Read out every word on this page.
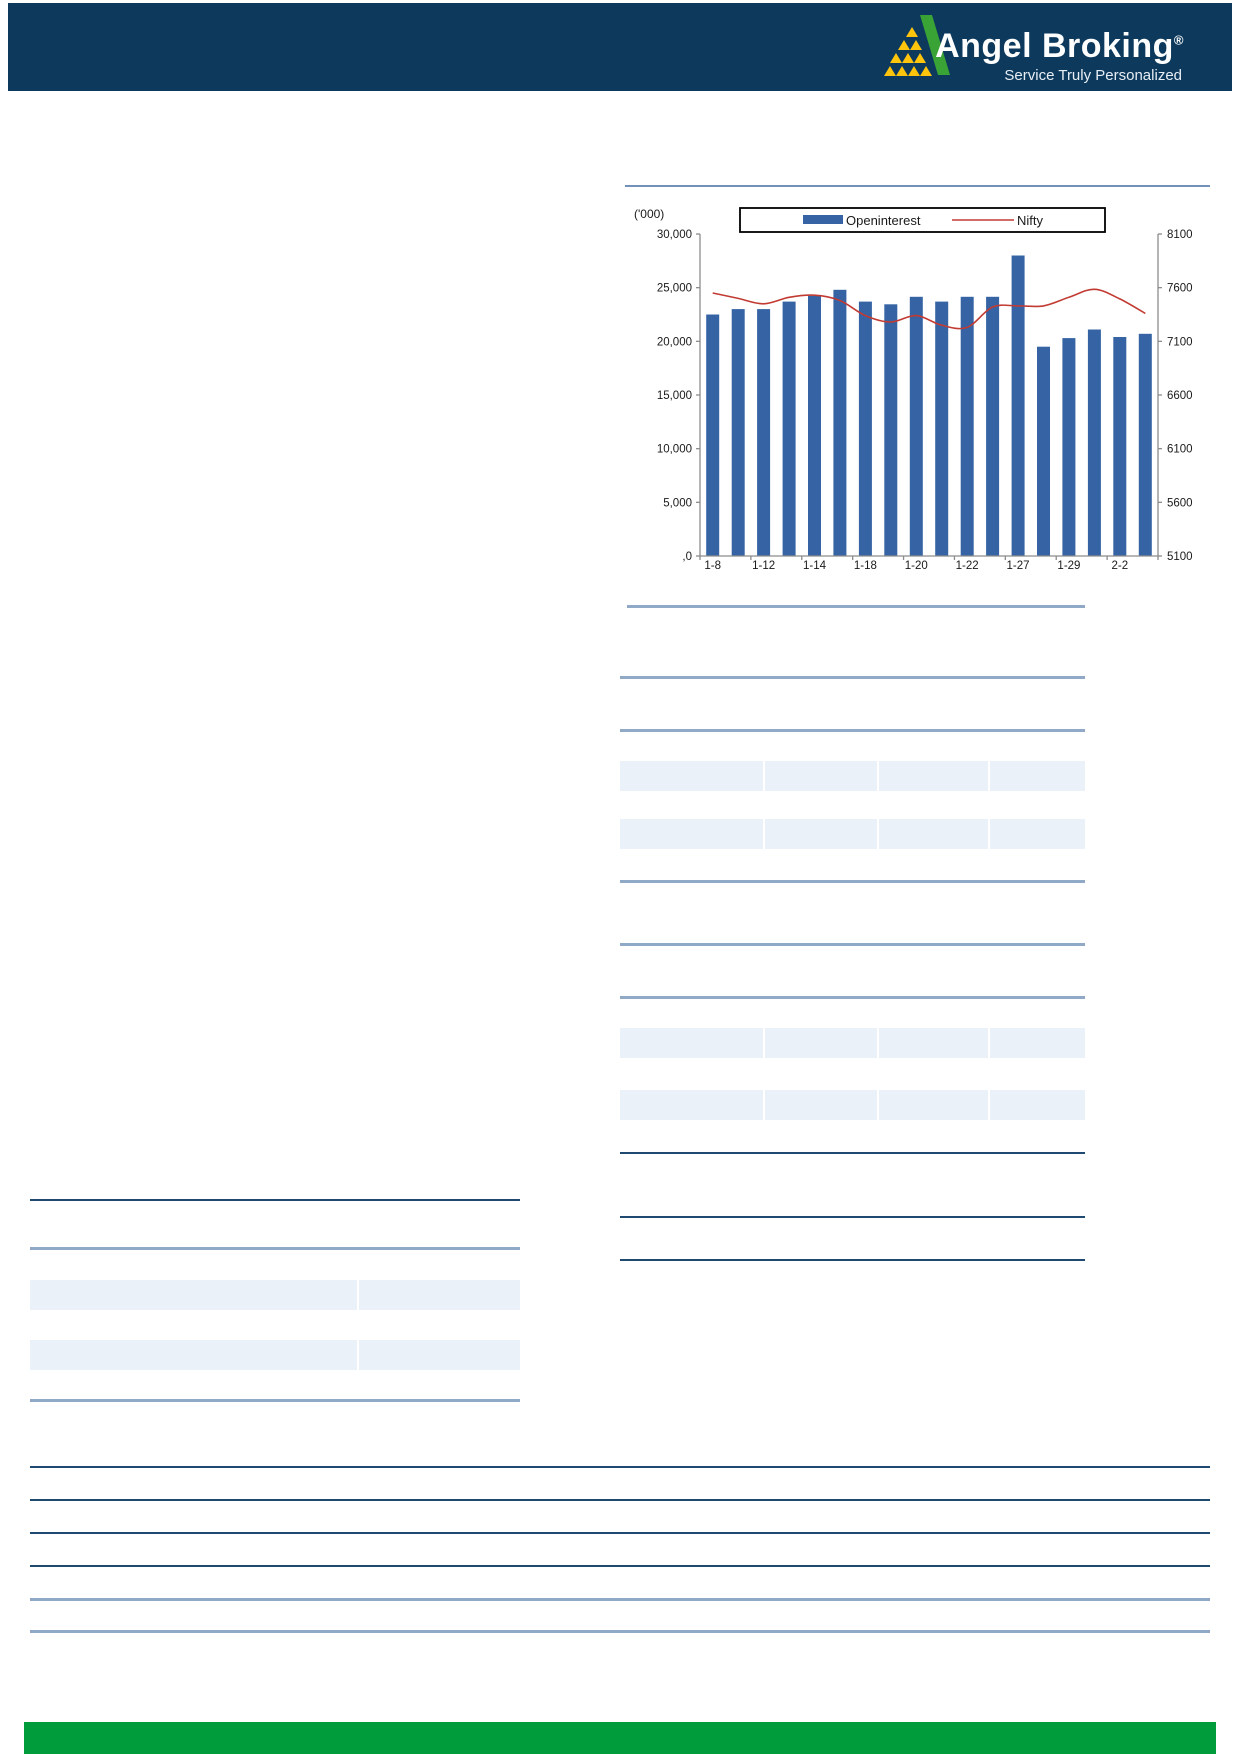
Angel Broking®
Service Truly Personalized
30,000
25,000
20,000
15,000
10,000
5,000
,0
8100
7600
7100
6600
6100
5600
5100
1-8	1-12 1-14 1-18 1-20 1-22 1-27 1-29	2-2
('000)	Openinterest	Nifty
